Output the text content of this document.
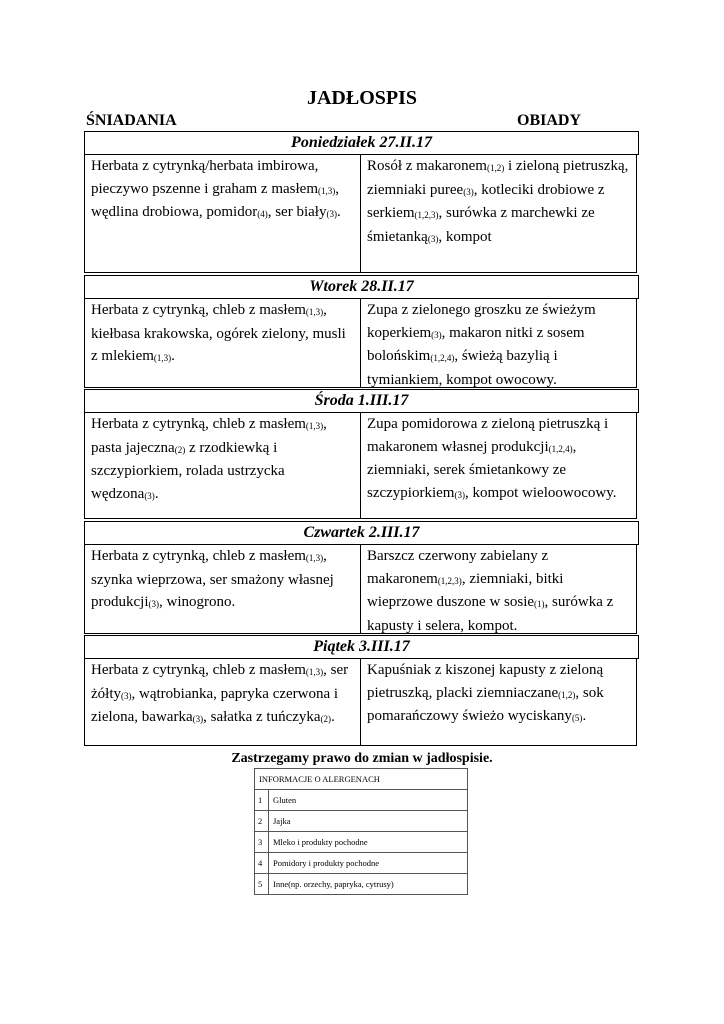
JADŁOSPIS
ŚNIADANIA	OBIADY
Poniedziałek 27.II.17
Herbata z cytrynką/herbata imbirowa, pieczywo pszenne i graham z masłem$_{(1,3)}$, wędlina drobiowa, pomidor$_{(4)}$, ser biały$_{(3)}$.
Rosół z makaronem$_{(1,2)}$ i zieloną pietruszką, ziemniaki puree$_{(3)}$, kotleciki drobiowe z serkiem$_{(1,2,3)}$, surówka z marchewki ze śmietanką$_{(3)}$, kompot
Wtorek 28.II.17
Herbata z cytrynką, chleb z masłem$_{(1,3)}$, kiełbasa krakowska, ogórek zielony, musli z mlekiem$_{(1,3)}$.
Zupa z zielonego groszku ze świeżym koperkiem$_{(3)}$, makaron nitki z sosem bolońskim$_{(1,2,4)}$, świeżą bazylią i tymiankiem, kompot owocowy.
Środa 1.III.17
Herbata z cytrynką, chleb z masłem$_{(1,3)}$, pasta jajeczna$_{(2)}$ z rzodkiewką i szczypiorkiem, rolada ustrzycka wędzona$_{(3)}$.
Zupa pomidorowa z zieloną pietruszką i makaronem własnej produkcji$_{(1,2,4)}$, ziemniaki, serek śmietankowy ze szczypiorkiem$_{(3)}$, kompot wieloowocowy.
Czwartek 2.III.17
Herbata z cytrynką, chleb z masłem$_{(1,3)}$, szynka wieprzowa, ser smażony własnej produkcji$_{(3)}$, winogrono.
Barszcz czerwony zabielany z makaronem$_{(1,2,3)}$, ziemniaki, bitki wieprzowe duszone w sosie$_{(1)}$, surówka z kapusty i selera, kompot.
Piątek 3.III.17
Herbata z cytrynką, chleb z masłem$_{(1,3)}$, ser żółty$_{(3)}$, wątrobianka, papryka czerwona i zielona, bawarka$_{(3)}$, sałatka z tuńczyka$_{(2)}$.
Kapuśniak z kiszonej kapusty z zieloną pietruszką, placki ziemniaczane$_{(1,2)}$, sok pomarańczowy świeżo wyciskany$_{(5)}$.
Zastrzegamy prawo do zmian w jadłospisie.
INFORMACJE O ALERGENACH	
1	Gluten
2	Jajka
3	Mleko i produkty pochodne
4	Pomidory i produkty pochodne
5	Inne(np. orzechy, papryka, cytrusy)
